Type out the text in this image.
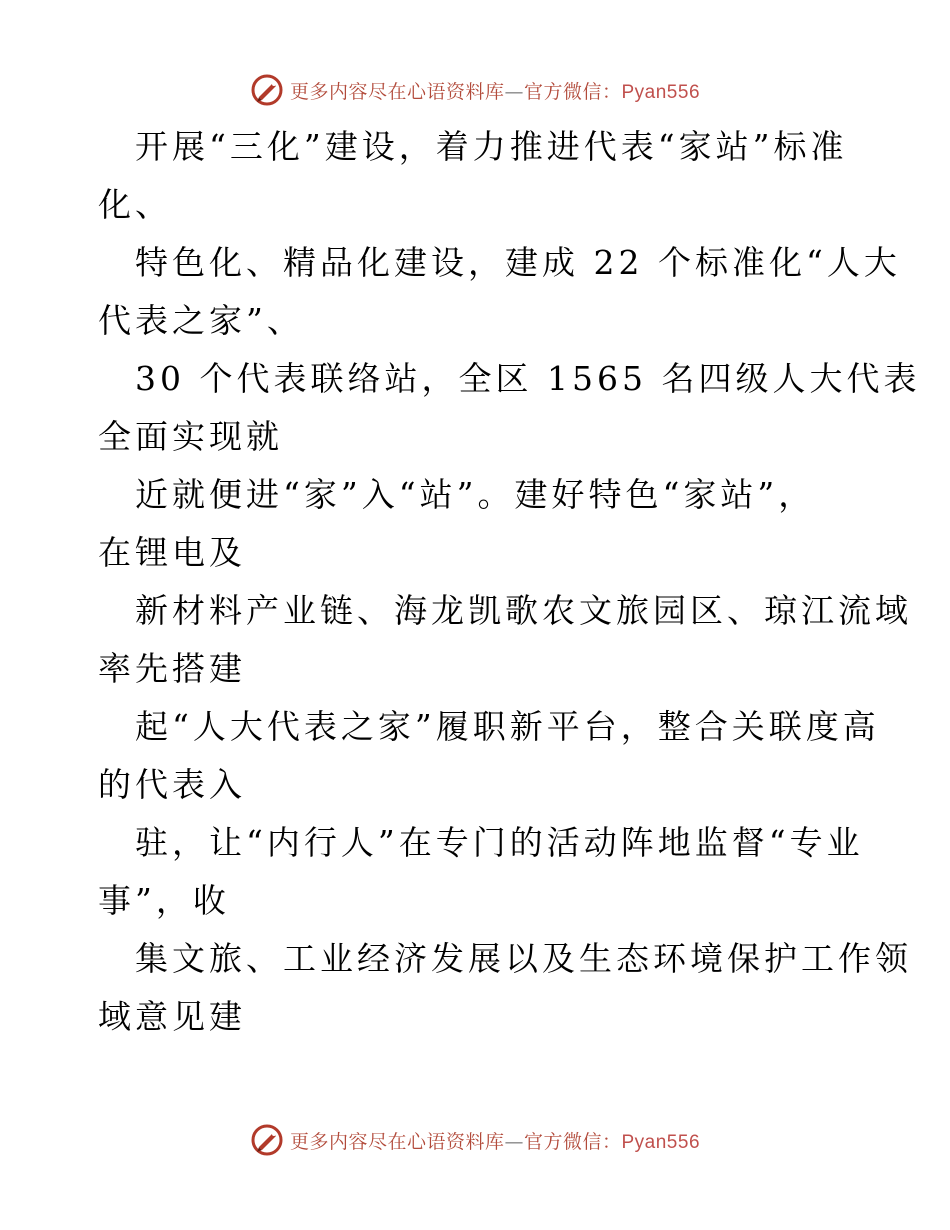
更多内容尽在心语资料库—官方微信：Pyan556

开展“三化”建设，着力推进代表“家站”标准
化、

特色化、精品化建设，建成 22 个标准化“人大
代表之家”、

30 个代表联络站，全区 1565 名四级人大代表
全面实现就

近就便进“家”入“站”。建好特色“家站”，
在锂电及

新材料产业链、海龙凯歌农文旅园区、琼江流域
率先搭建

起“人大代表之家”履职新平台，整合关联度高
的代表入

驻，让“内行人”在专门的活动阵地监督“专业
事”，收

集文旅、工业经济发展以及生态环境保护工作领
域意见建

更多内容尽在心语资料库—官方微信：Pyan556
